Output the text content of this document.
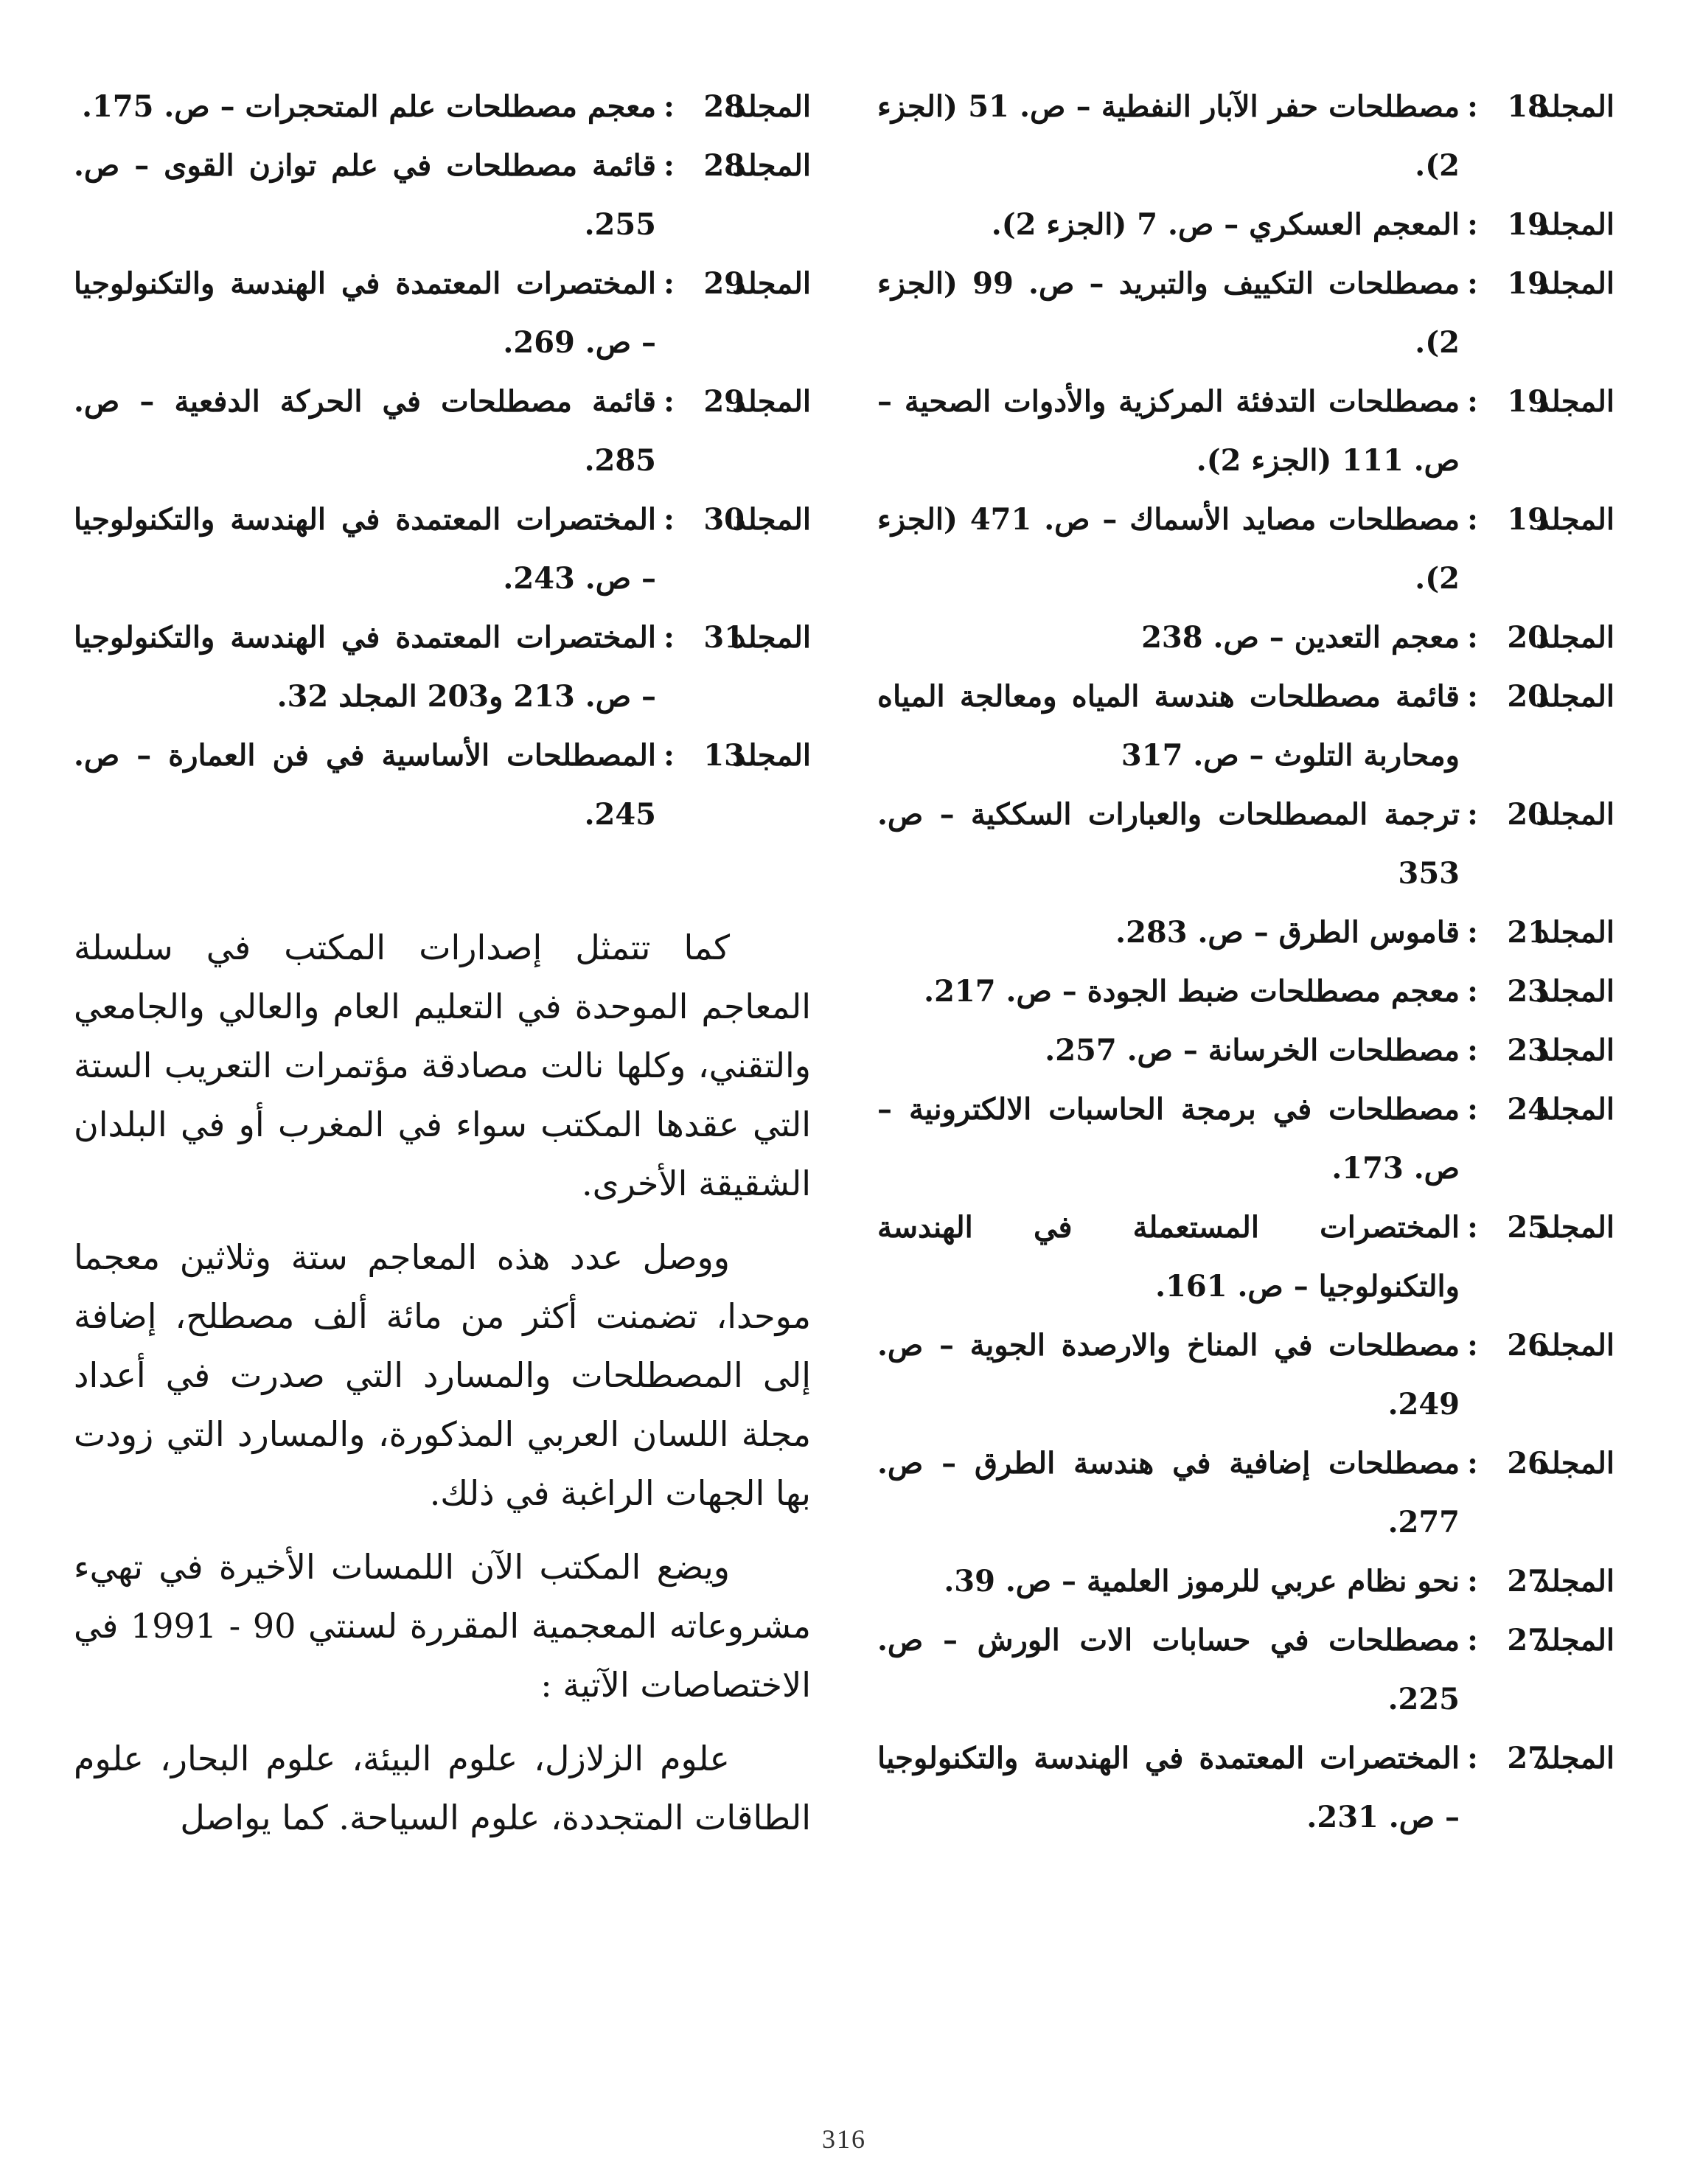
المجلد
18
:
مصطلحات حفر الآبار النفطية – ص. 51 (الجزء 2).
المجلد
19
:
المعجم العسكري – ص. 7 (الجزء 2).
المجلد
19
:
مصطلحات التكييف والتبريد – ص. 99 (الجزء 2).
المجلد
19
:
مصطلحات التدفئة المركزية والأدوات الصحية – ص. 111 (الجزء 2).
المجلد
19
:
مصطلحات مصايد الأسماك – ص. 471 (الجزء 2).
المجلد
20
:
معجم التعدين – ص. 238
المجلد
20
:
قائمة مصطلحات هندسة المياه ومعالجة المياه ومحاربة التلوث – ص. 317
المجلد
20
:
ترجمة المصطلحات والعبارات السككية – ص. 353
المجلد
21
:
قاموس الطرق – ص. 283.
المجلد
23
:
معجم مصطلحات ضبط الجودة – ص. 217.
المجلد
23
:
مصطلحات الخرسانة – ص. 257.
المجلد
24
:
مصطلحات في برمجة الحاسبات الالكترونية – ص. 173.
المجلد
25
:
المختصرات المستعملة في الهندسة والتكنولوجيا – ص. 161.
المجلد
26
:
مصطلحات في المناخ والارصدة الجوية – ص. 249.
المجلد
26
:
مصطلحات إضافية في هندسة الطرق – ص. 277.
المجلد
27
:
نحو نظام عربي للرموز العلمية – ص. 39.
المجلد
27
:
مصطلحات في حسابات الات الورش – ص. 225.
المجلد
27
:
المختصرات المعتمدة في الهندسة والتكنولوجيا – ص. 231.
المجلد
28
:
معجم مصطلحات علم المتحجرات – ص. 175.
المجلد
28
:
قائمة مصطلحات في علم توازن القوى – ص. 255.
المجلد
29
:
المختصرات المعتمدة في الهندسة والتكنولوجيا – ص. 269.
المجلد
29
:
قائمة مصطلحات في الحركة الدفعية – ص. 285.
المجلد
30
:
المختصرات المعتمدة في الهندسة والتكنولوجيا – ص. 243.
المجلد
31
:
المختصرات المعتمدة في الهندسة والتكنولوجيا – ص. 213 و203 المجلد 32.
المجلد
13
:
المصطلحات الأساسية في فن العمارة – ص. 245.

كما تتمثل إصدارات المكتب في سلسلة المعاجم الموحدة في التعليم العام والعالي والجامعي والتقني، وكلها نالت مصادقة مؤتمرات التعريب الستة التي عقدها المكتب سواء في المغرب أو في البلدان الشقيقة الأخرى.

ووصل عدد هذه المعاجم ستة وثلاثين معجما موحدا، تضمنت أكثر من مائة ألف مصطلح، إضافة إلى المصطلحات والمسارد التي صدرت في أعداد مجلة اللسان العربي المذكورة، والمسارد التي زودت بها الجهات الراغبة في ذلك.

ويضع المكتب الآن اللمسات الأخيرة في تهيء مشروعاته المعجمية المقررة لسنتي 90 - 1991 في الاختصاصات الآتية :

علوم الزلازل، علوم البيئة، علوم البحار، علوم الطاقات المتجددة، علوم السياحة. كما يواصل

316
